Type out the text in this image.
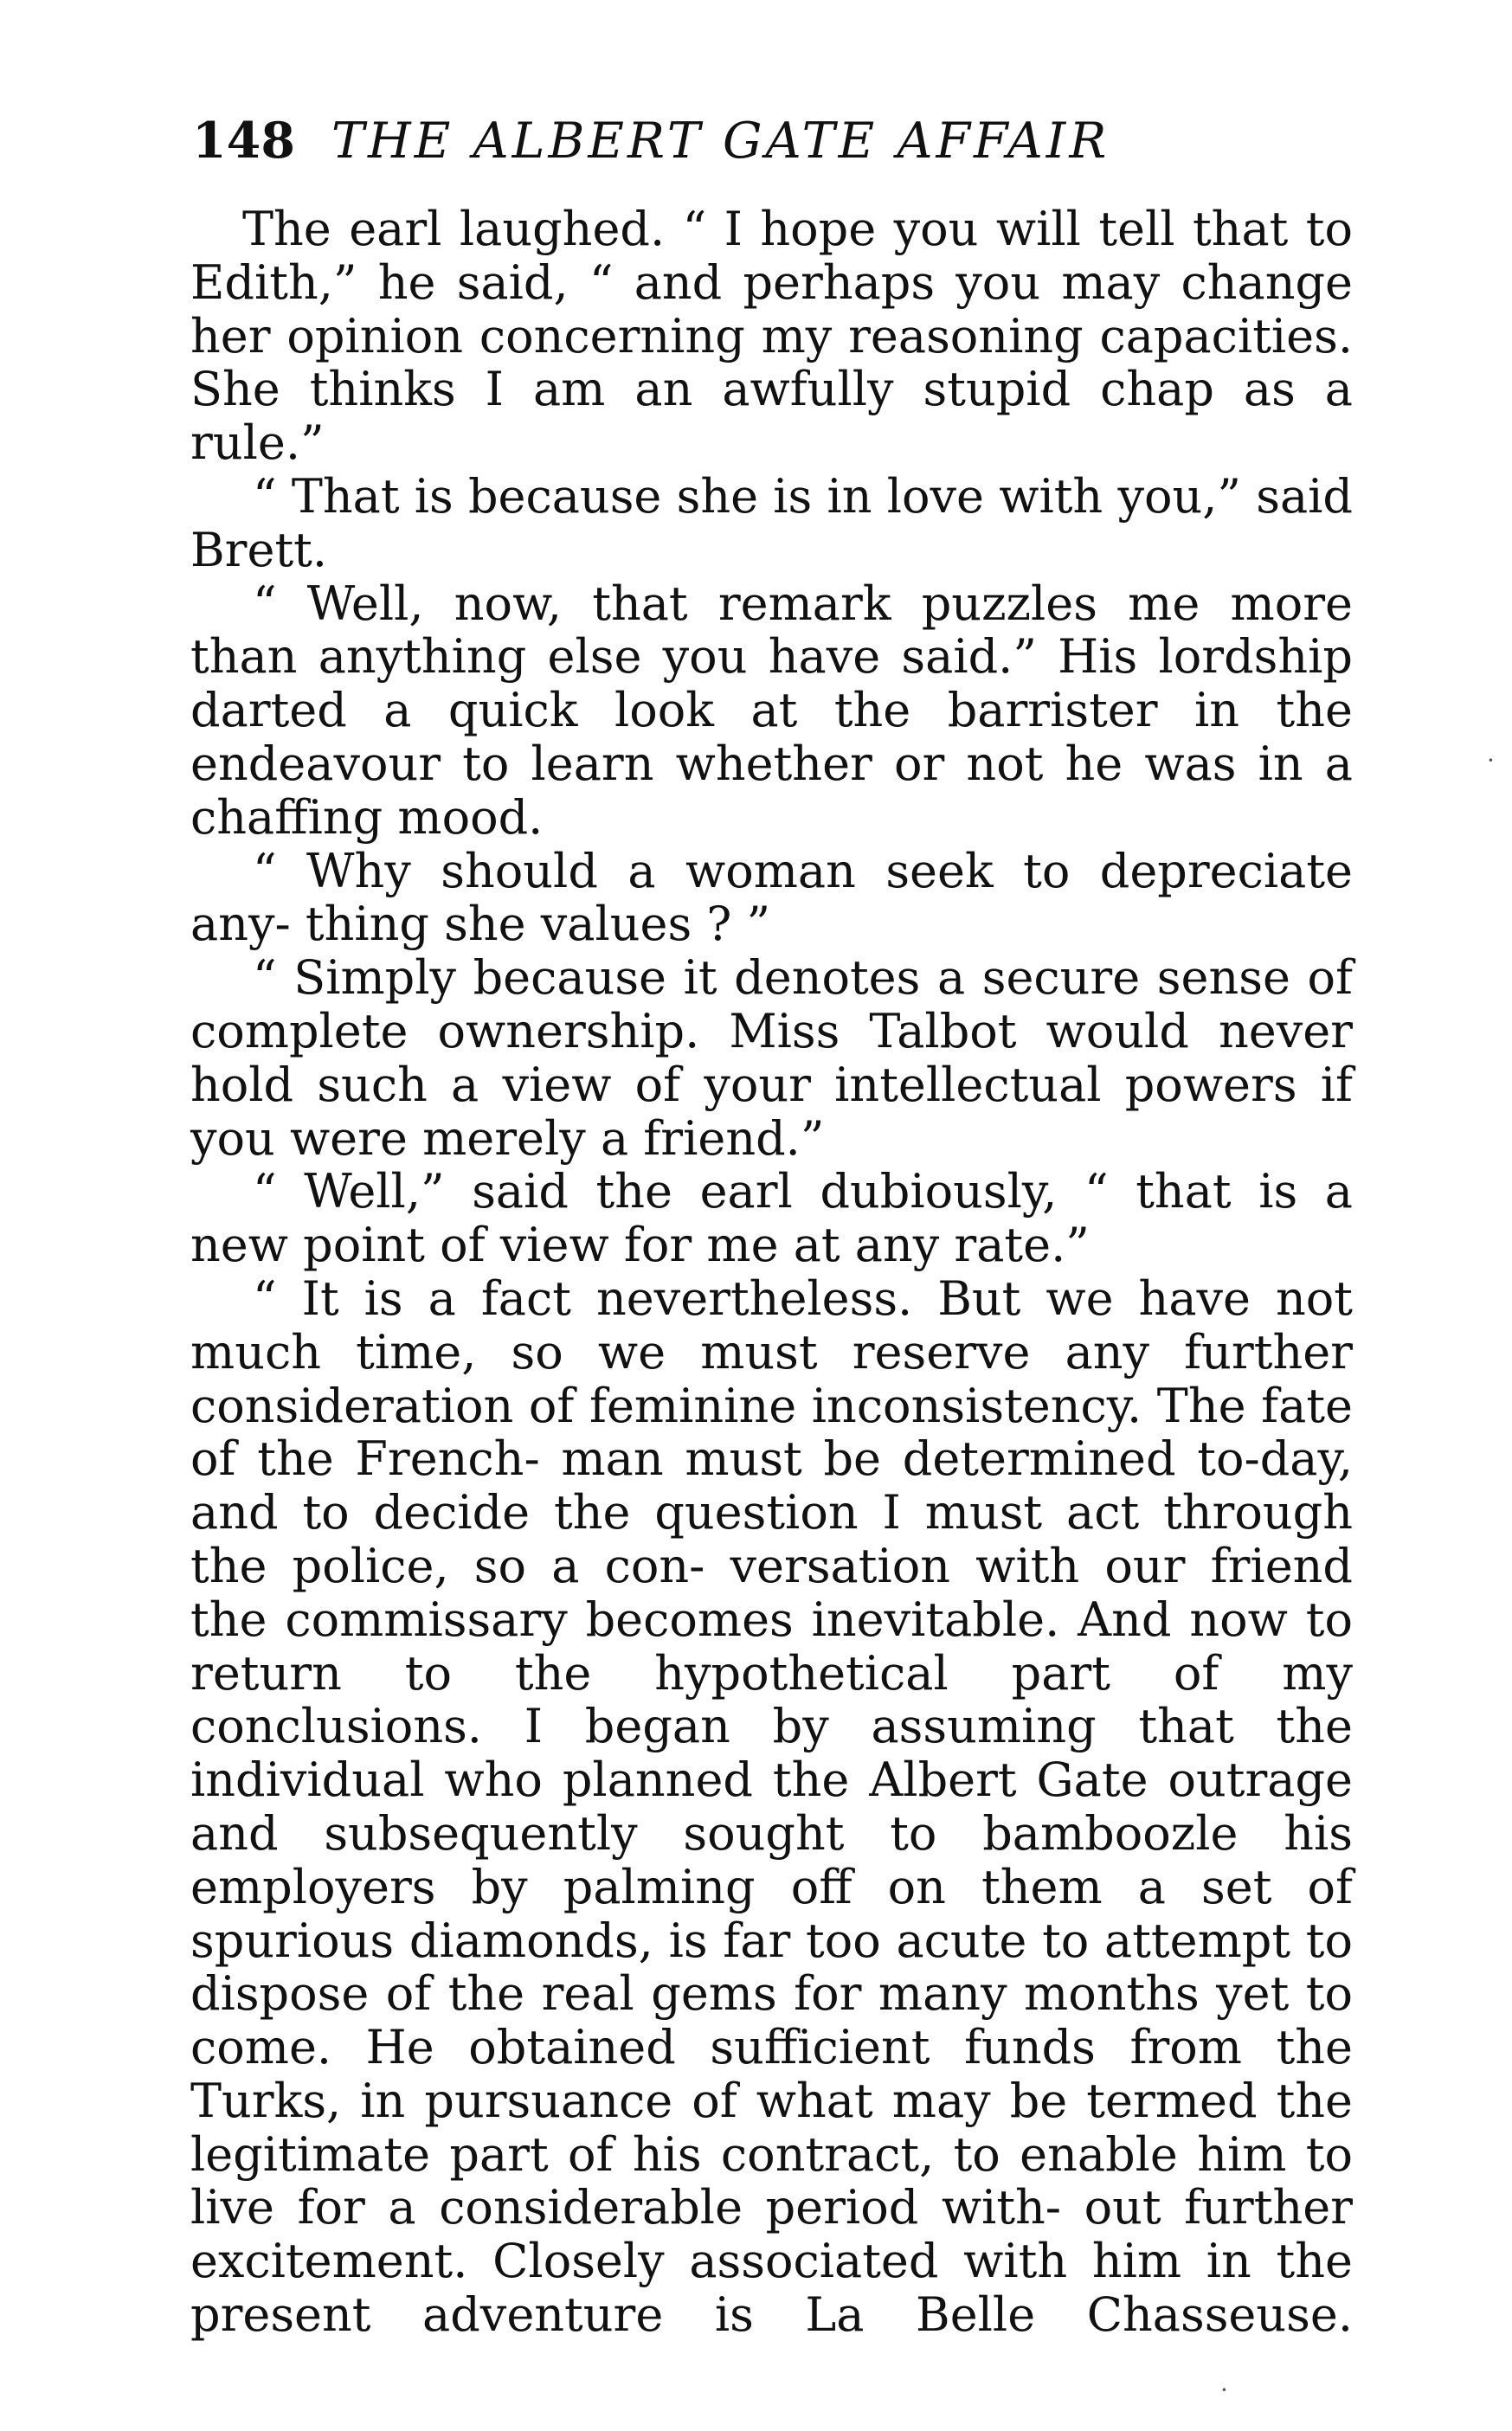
148 THE ALBERT GATE AFFAIR

The earl laughed. “ I hope you will tell that to Edith,” he said, “ and perhaps you may change her opinion concerning my reasoning capacities. She thinks I am an awfully stupid chap as a rule.”

“ That is because she is in love with you,” said Brett.

“ Well, now, that remark puzzles me more than anything else you have said.” His lordship darted a quick look at the barrister in the endeavour to learn whether or not he was in a chaffing mood.

“ Why should a woman seek to depreciate any- thing she values ? ”

“ Simply because it denotes a secure sense of complete ownership. Miss Talbot would never hold such a view of your intellectual powers if you were merely a friend.”

“ Well,” said the earl dubiously, “ that is a new point of view for me at any rate.”

“ It is a fact nevertheless. But we have not much time, so we must reserve any further consideration of feminine inconsistency. The fate of the French- man must be determined to-day, and to decide the question I must act through the police, so a con- versation with our friend the commissary becomes inevitable. And now to return to the hypothetical part of my conclusions. I began by assuming that the individual who planned the Albert Gate outrage and subsequently sought to bamboozle his employers by palming off on them a set of spurious diamonds, is far too acute to attempt to dispose of the real gems for many months yet to come. He obtained sufficient funds from the Turks, in pursuance of what may be termed the legitimate part of his contract, to enable him to live for a considerable period with- out further excitement. Closely associated with him in the present adventure is La Belle Chasseuse.

·
·
